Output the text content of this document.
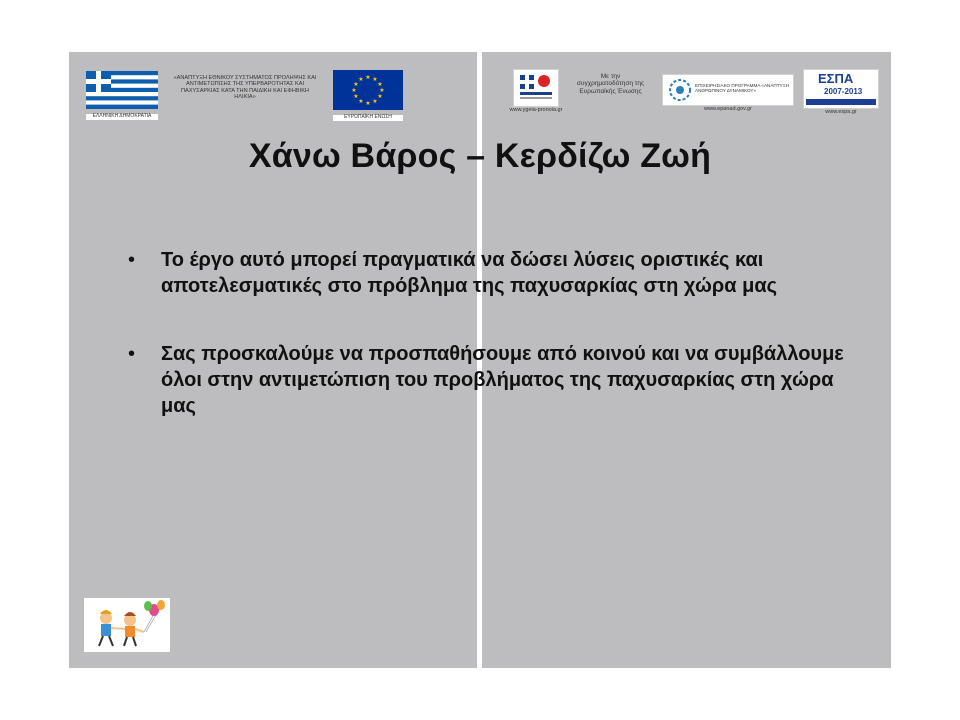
ΕΛΛΗΝΙΚΗ ΔΗΜΟΚΡΑΤΙΑ
«ΑΝΑΠΤΥΞΗ ΕΘΝΙΚΟΥ ΣΥΣΤΗΜΑΤΟΣ ΠΡΟΛΗΨΗΣ ΚΑΙ ΑΝΤΙΜΕΤΩΠΙΣΗΣ ΤΗΣ ΥΠΕΡΒΑΡΟΤΗΤΑΣ ΚΑΙ ΠΑΧΥΣΑΡΚΙΑΣ ΚΑΤΑ ΤΗΝ ΠΑΙΔΙΚΗ ΚΑΙ ΕΦΗΒΙΚΗ ΗΛΙΚΙΑ»
★ ★
★
★
★
★
★
★
★
★
★
★
ΕΥΡΩΠΑΪΚΗ ΕΝΩΣΗ
www.ygeia-pronoia.gr
Με την συγχρηματοδότηση της Ευρωπαϊκής Ένωσης
ΕΠΙΧΕΙΡΗΣΙΑΚΟ ΠΡΟΓΡΑΜΜΑ «ΑΝΑΠΤΥΞΗ ΑΝΘΡΩΠΙΝΟΥ ΔΥΝΑΜΙΚΟΥ»
www.epanad.gov.gr
ΕΣΠΑ
2007-2013
www.espa.gr
Χάνω Βάρος – Κερδίζω Ζωή
• Το έργο αυτό μπορεί πραγματικά να δώσει λύσεις οριστικές και αποτελεσματικές στο πρόβλημα της παχυσαρκίας στη χώρα μας
• Σας προσκαλούμε να προσπαθήσουμε από κοινού και να συμβάλλουμε όλοι στην αντιμετώπιση του προβλήματος της παχυσαρκίας στη χώρα μας
